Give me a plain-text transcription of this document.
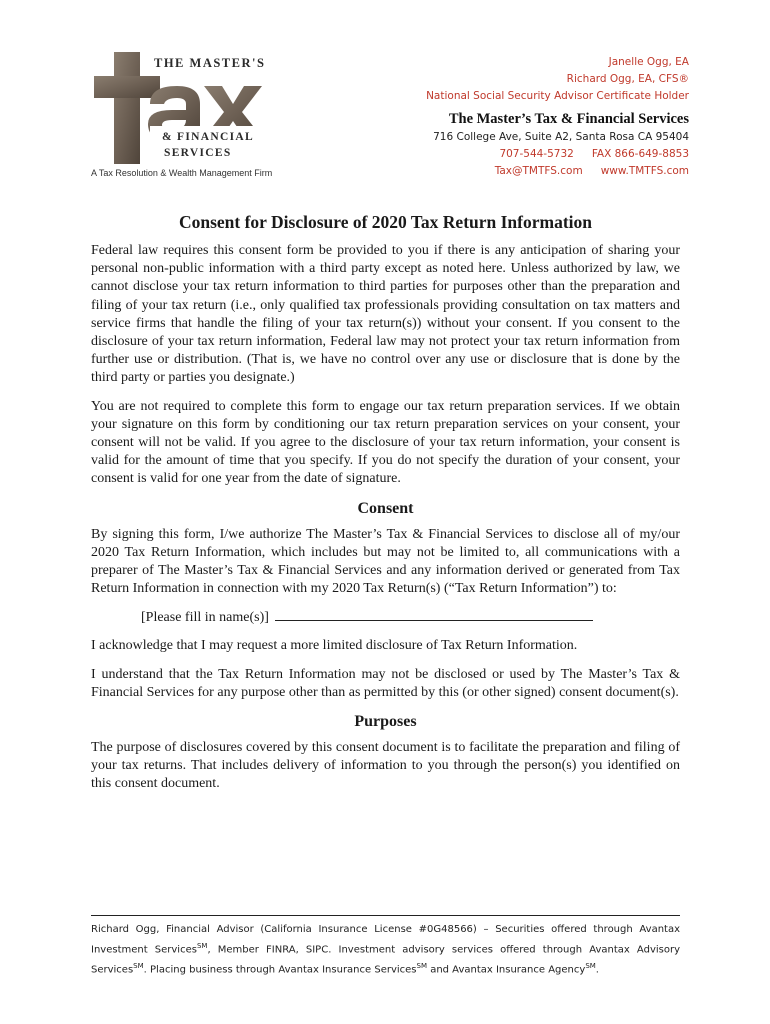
THE MASTER'S
& FINANCIAL
SERVICES
A Tax Resolution & Wealth Management Firm
Janelle Ogg, EA
Richard Ogg, EA, CFS®
National Social Security Advisor Certificate Holder
The Master’s Tax & Financial Services
716 College Ave, Suite A2, Santa Rosa CA 95404
707-544-5732 FAX 866-649-8853
Tax@TMTFS.com www.TMTFS.com
Consent for Disclosure of 2020 Tax Return Information

Federal law requires this consent form be provided to you if there is any anticipation of sharing your personal non-public information with a third party except as noted here. Unless authorized by law, we cannot disclose your tax return information to third parties for purposes other than the preparation and filing of your tax return (i.e., only qualified tax professionals providing consultation on tax matters and service firms that handle the filing of your tax return(s)) without your consent. If you consent to the disclosure of your tax return information, Federal law may not protect your tax return information from further use or distribution. (That is, we have no control over any use or disclosure that is done by the third party or parties you designate.)

You are not required to complete this form to engage our tax return preparation services. If we obtain your signature on this form by conditioning our tax return preparation services on your consent, your consent will not be valid. If you agree to the disclosure of your tax return information, your consent is valid for the amount of time that you specify. If you do not specify the duration of your consent, your consent is valid for one year from the date of signature.

Consent

By signing this form, I/we authorize The Master’s Tax & Financial Services to disclose all of my/our 2020 Tax Return Information, which includes but may not be limited to, all communications with a preparer of The Master’s Tax & Financial Services and any information derived or generated from Tax Return Information in connection with my 2020 Tax Return(s) (“Tax Return Information”) to:

[Please fill in name(s)]

I acknowledge that I may request a more limited disclosure of Tax Return Information.

I understand that the Tax Return Information may not be disclosed or used by The Master’s Tax & Financial Services for any purpose other than as permitted by this (or other signed) consent document(s).

Purposes

The purpose of disclosures covered by this consent document is to facilitate the preparation and filing of your tax returns. That includes delivery of information to you through the person(s) you identified on this consent document.

Richard Ogg, Financial Advisor (California Insurance License #0G48566) – Securities offered through Avantax Investment Services℠, Member FINRA, SIPC. Investment advisory services offered through Avantax Advisory Services℠. Placing business through Avantax Insurance Services℠ and Avantax Insurance Agency℠.
